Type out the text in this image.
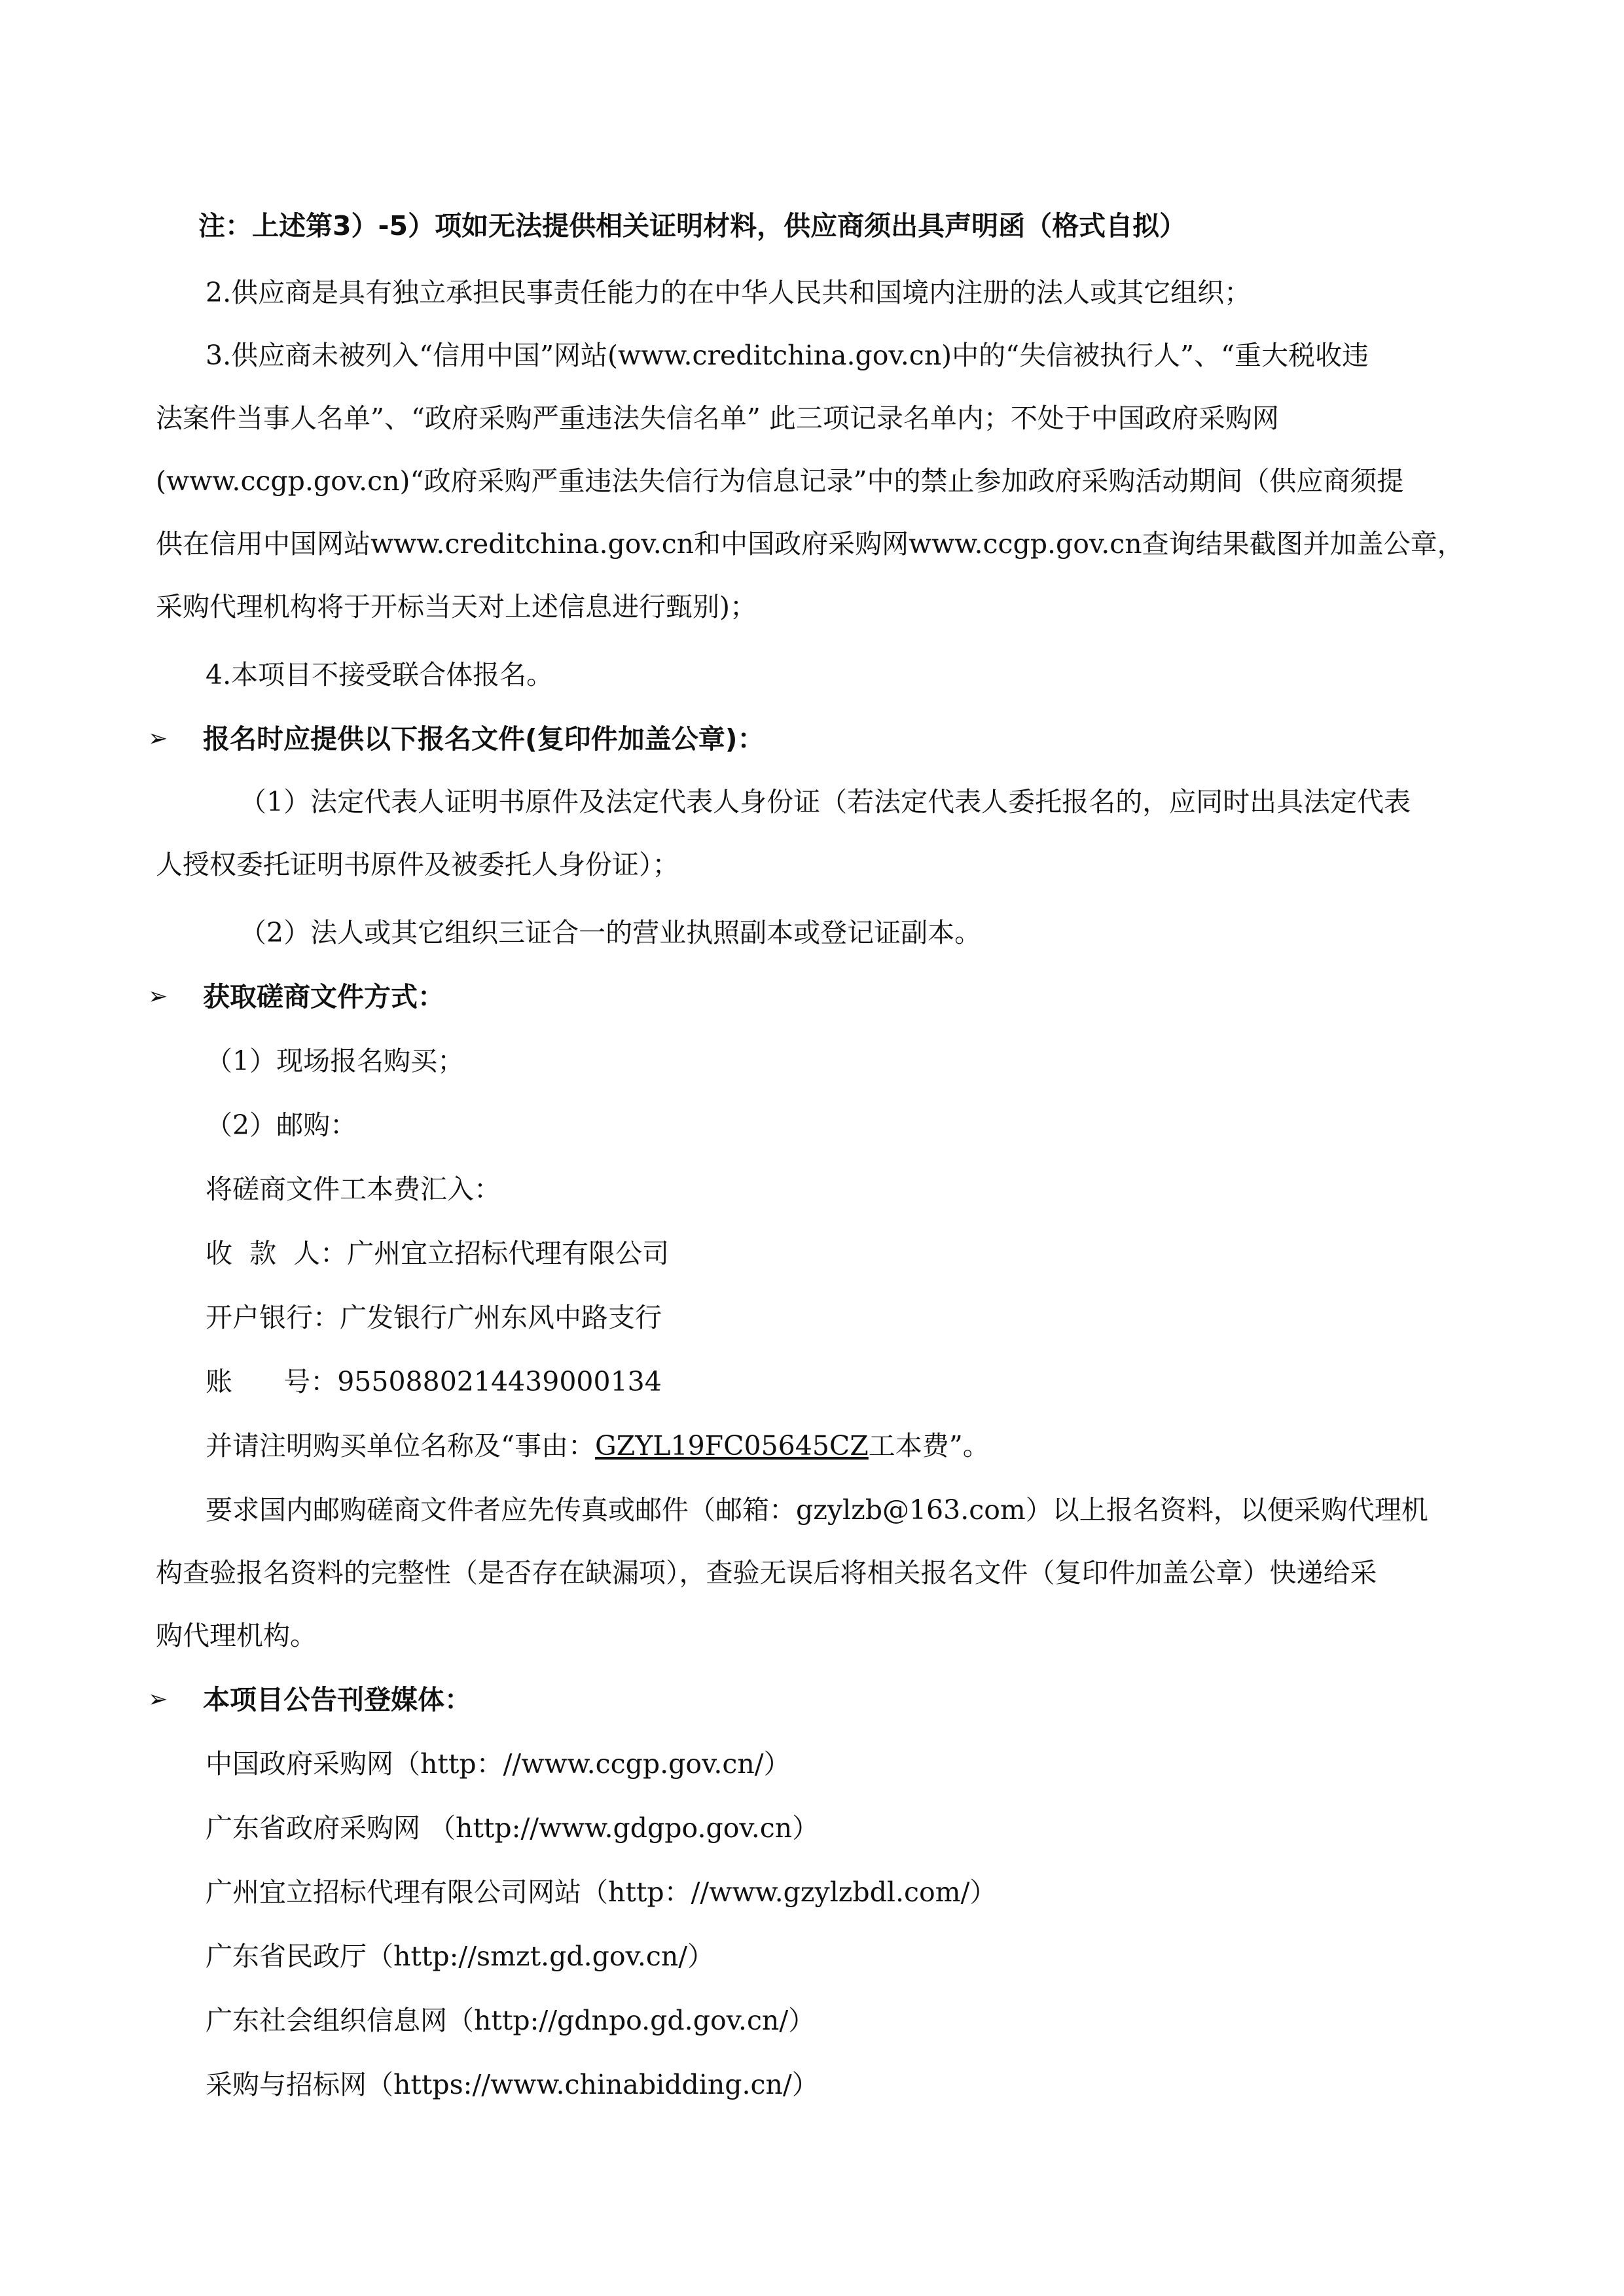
注：上述第3）-5）项如无法提供相关证明材料，供应商须出具声明函（格式自拟）
2.供应商是具有独立承担民事责任能力的在中华人民共和国境内注册的法人或其它组织；
3.供应商未被列入“信用中国”网站(www.creditchina.gov.cn)中的“失信被执行人”、“重大税收违
法案件当事人名单”、“政府采购严重违法失信名单” 此三项记录名单内；不处于中国政府采购网
(www.ccgp.gov.cn)“政府采购严重违法失信行为信息记录”中的禁止参加政府采购活动期间（供应商须提
供在信用中国网站www.creditchina.gov.cn和中国政府采购网www.ccgp.gov.cn查询结果截图并加盖公章，
采购代理机构将于开标当天对上述信息进行甄别)；
4.本项目不接受联合体报名。
➢ 报名时应提供以下报名文件(复印件加盖公章)：
（1）法定代表人证明书原件及法定代表人身份证（若法定代表人委托报名的，应同时出具法定代表
人授权委托证明书原件及被委托人身份证）；
（2）法人或其它组织三证合一的营业执照副本或登记证副本。
➢ 获取磋商文件方式：
（1）现场报名购买；
（2）邮购：
将磋商文件工本费汇入：
收  款  人：广州宜立招标代理有限公司
开户银行：广发银行广州东风中路支行
账      号：9550880214439000134
并请注明购买单位名称及“事由：GZYL19FC05645CZ工本费”。
要求国内邮购磋商文件者应先传真或邮件（邮箱：gzylzb@163.com）以上报名资料，以便采购代理机
构查验报名资料的完整性（是否存在缺漏项），查验无误后将相关报名文件（复印件加盖公章）快递给采
购代理机构。
➢ 本项目公告刊登媒体：
中国政府采购网（http：//www.ccgp.gov.cn/）
广东省政府采购网 （http://www.gdgpo.gov.cn）
广州宜立招标代理有限公司网站（http：//www.gzylzbdl.com/）
广东省民政厅（http://smzt.gd.gov.cn/）
广东社会组织信息网（http://gdnpo.gd.gov.cn/）
采购与招标网（https://www.chinabidding.cn/）
